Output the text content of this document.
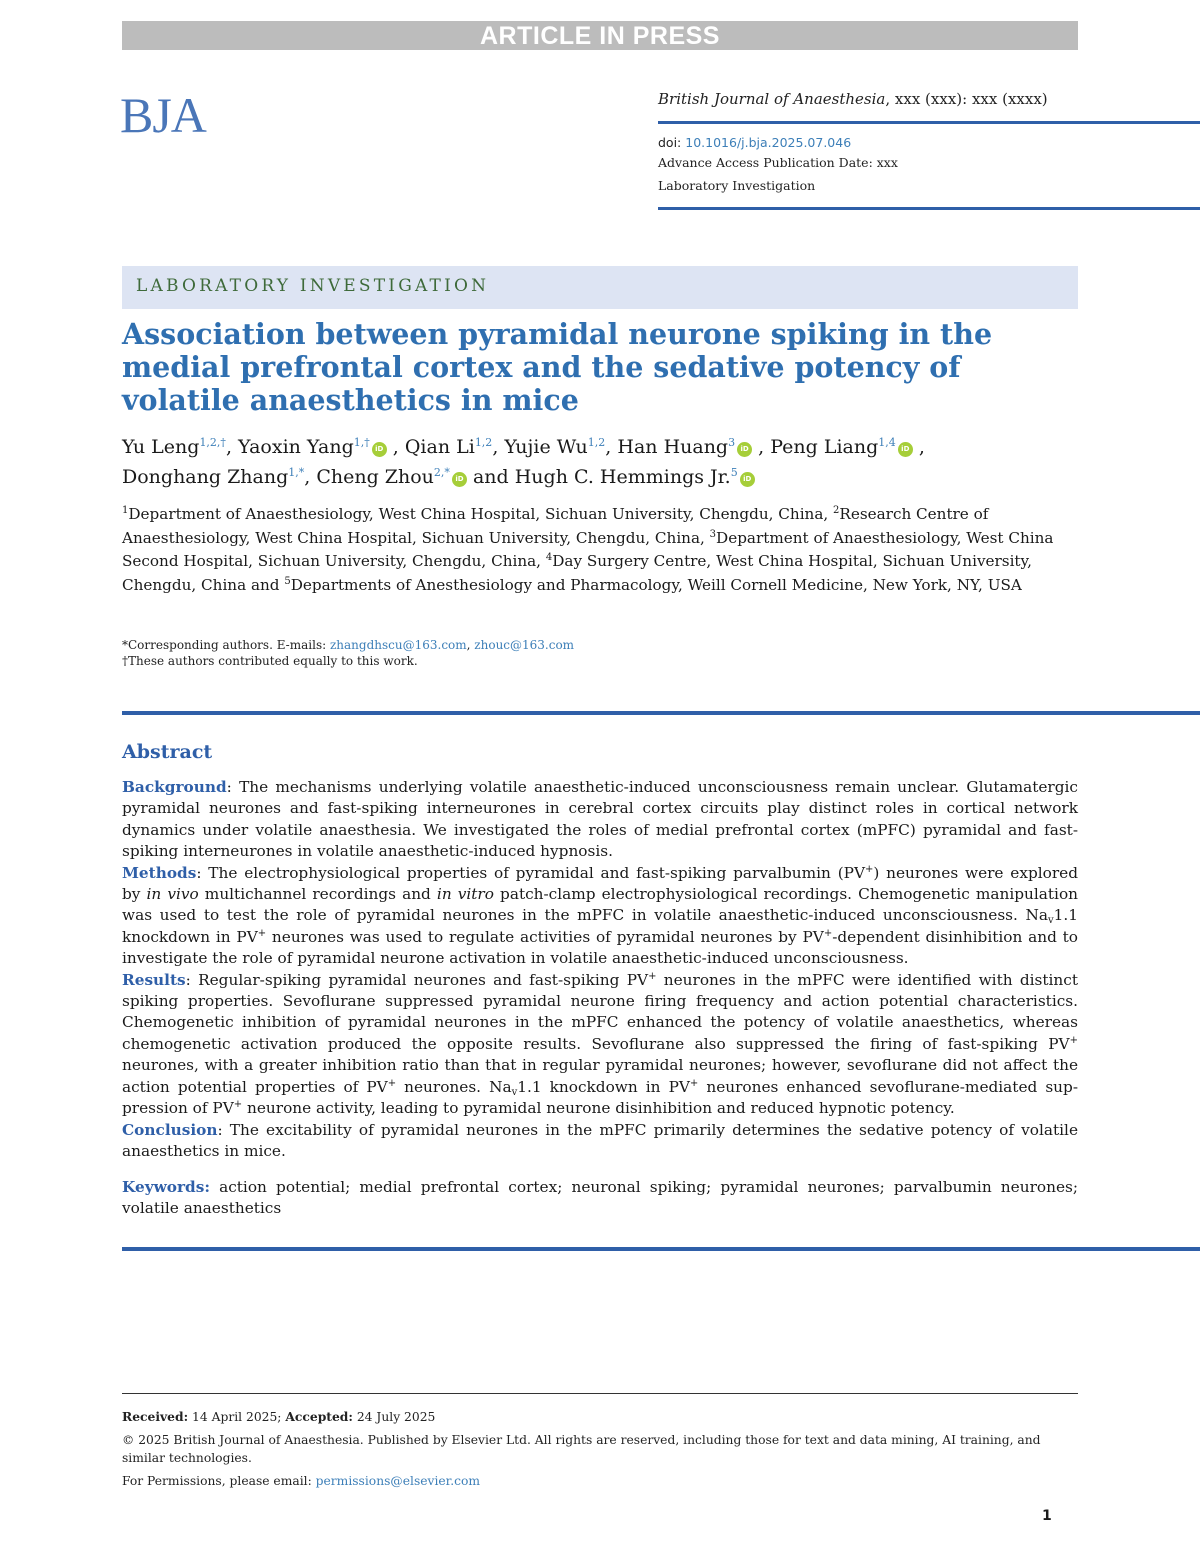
ARTICLE IN PRESS
BJA	British Journal of Anaesthesia, xxx (xxx): xxx (xxxx)
doi: 10.1016/j.bja.2025.07.046
Advance Access Publication Date: xxx
Laboratory Investigation
LABORATORY INVESTIGATION
Association between pyramidal neurone spiking in the medial prefrontal cortex and the sedative potency of volatile anaesthetics in mice
Yu Leng$^{1,2,\dagger}$, Yaoxin Yang$^{1,\dagger}$ iD , Qian Li$^{1,2}$, Yujie Wu$^{1,2}$, Han Huang$^3$ iD , Peng Liang$^{1,4}$ iD ,
Donghang Zhang$^{1,*}$, Cheng Zhou$^{2,*}$ iD and Hugh C. Hemmings Jr.$^5$ iD
$^1$Department of Anaesthesiology, West China Hospital, Sichuan University, Chengdu, China, $^2$Research Centre of Anaesthesiology, West China Hospital, Sichuan University, Chengdu, China, $^3$Department of Anaesthesiology, West China Second Hospital, Sichuan University, Chengdu, China, $^4$Day Surgery Centre, West China Hospital, Sichuan University, Chengdu, China and $^5$Departments of Anesthesiology and Pharmacology, Weill Cornell Medicine, New York, NY, USA
*Corresponding authors. E-mails: zhangdhscu@163.com, zhouc@163.com
†These authors contributed equally to this work.
Abstract

Background: The mechanisms underlying volatile anaesthetic-induced unconsciousness remain unclear. Glutamatergic pyramidal neurones and fast-spiking interneurones in cerebral cortex circuits play distinct roles in cortical network dynamics under volatile anaesthesia. We investigated the roles of medial prefrontal cortex (mPFC) pyramidal and fast-spiking interneurones in volatile anaesthetic-induced hypnosis.

Methods: The electrophysiological properties of pyramidal and fast-spiking parvalbumin (PV+) neurones were explored by in vivo multichannel recordings and in vitro patch-clamp electrophysiological recordings. Chemogenetic manipulation was used to test the role of pyramidal neurones in the mPFC in volatile anaesthetic-induced unconsciousness. $Na_v1.1$ knockdown in PV+ neurones was used to regulate activities of pyramidal neurones by PV+-dependent disinhibition and to investigate the role of pyramidal neurone activation in volatile anaesthetic-induced unconsciousness.

Results: Regular-spiking pyramidal neurones and fast-spiking PV+ neurones in the mPFC were identified with distinct spiking properties. Sevoflurane suppressed pyramidal neurone firing frequency and action potential characteristics. Chemogenetic inhibition of pyramidal neurones in the mPFC enhanced the potency of volatile anaesthetics, whereas chemogenetic activation produced the opposite results. Sevoflurane also suppressed the firing of fast-spiking PV+ neurones, with a greater inhibition ratio than that in regular pyramidal neurones; however, sevoflurane did not affect the action potential properties of PV+ neurones. $Na_v1.1$ knockdown in PV+ neurones enhanced sevoflurane-mediated sup-pression of PV+ neurone activity, leading to pyramidal neurone disinhibition and reduced hypnotic potency.

Conclusion: The excitability of pyramidal neurones in the mPFC primarily determines the sedative potency of volatile anaesthetics in mice.

Keywords: action potential; medial prefrontal cortex; neuronal spiking; pyramidal neurones; parvalbumin neurones; volatile anaesthetics

Received: 14 April 2025; Accepted: 24 July 2025

© 2025 British Journal of Anaesthesia. Published by Elsevier Ltd. All rights are reserved, including those for text and data mining, AI training, and similar technologies.

For Permissions, please email: permissions@elsevier.com

1
